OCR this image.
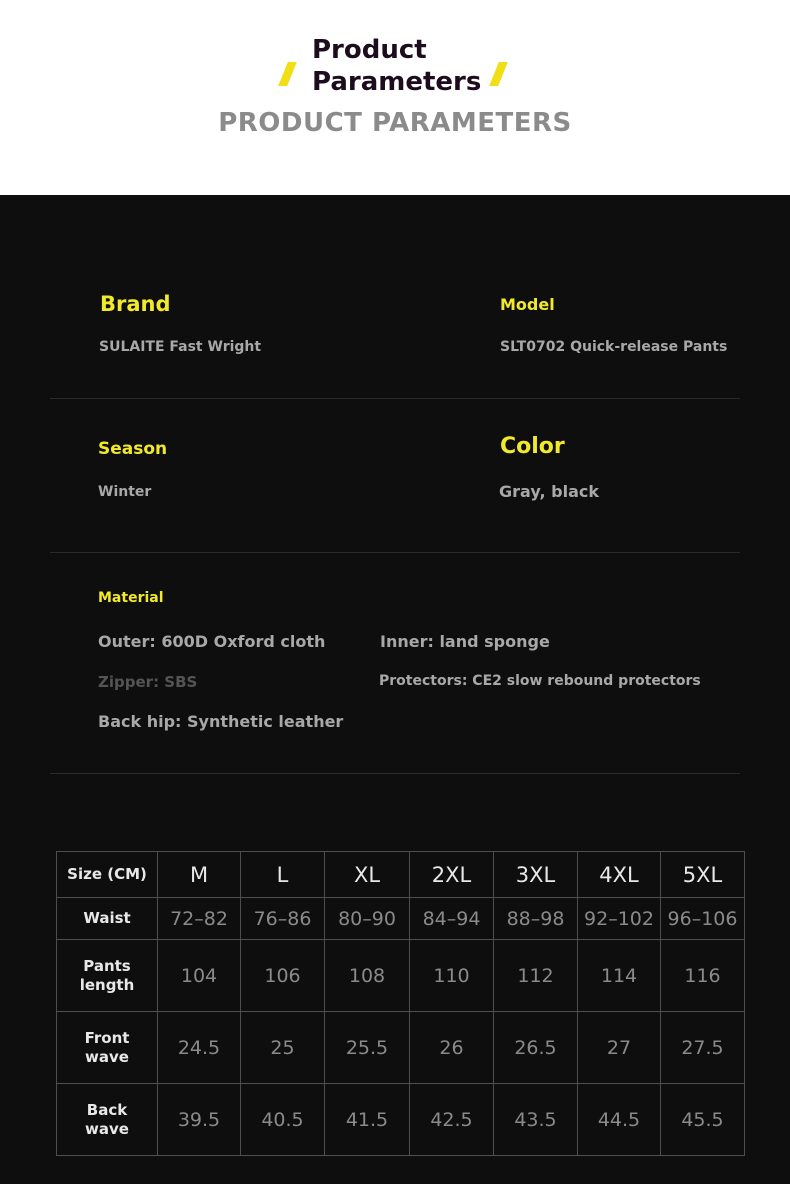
Product
Parameters
PRODUCT PARAMETERS
Brand
SULAITE Fast Wright
Model
SLT0702 Quick-release Pants
Season
Winter
Color
Gray, black
Material
Outer: 600D Oxford cloth	Inner: land sponge
Zipper: SBS	Protectors: CE2 slow rebound protectors
Back hip: Synthetic leather
Size (CM)	M	L	XL	2XL	3XL	4XL	5XL

Waist	72–82	76–86	80–90	84–94	88–98	92–102	96–106

Pants
length	104	106	108	110	112	114	116

Front
wave	24.5	25	25.5	26	26.5	27	27.5

Back
wave	39.5	40.5	41.5	42.5	43.5	44.5	45.5
